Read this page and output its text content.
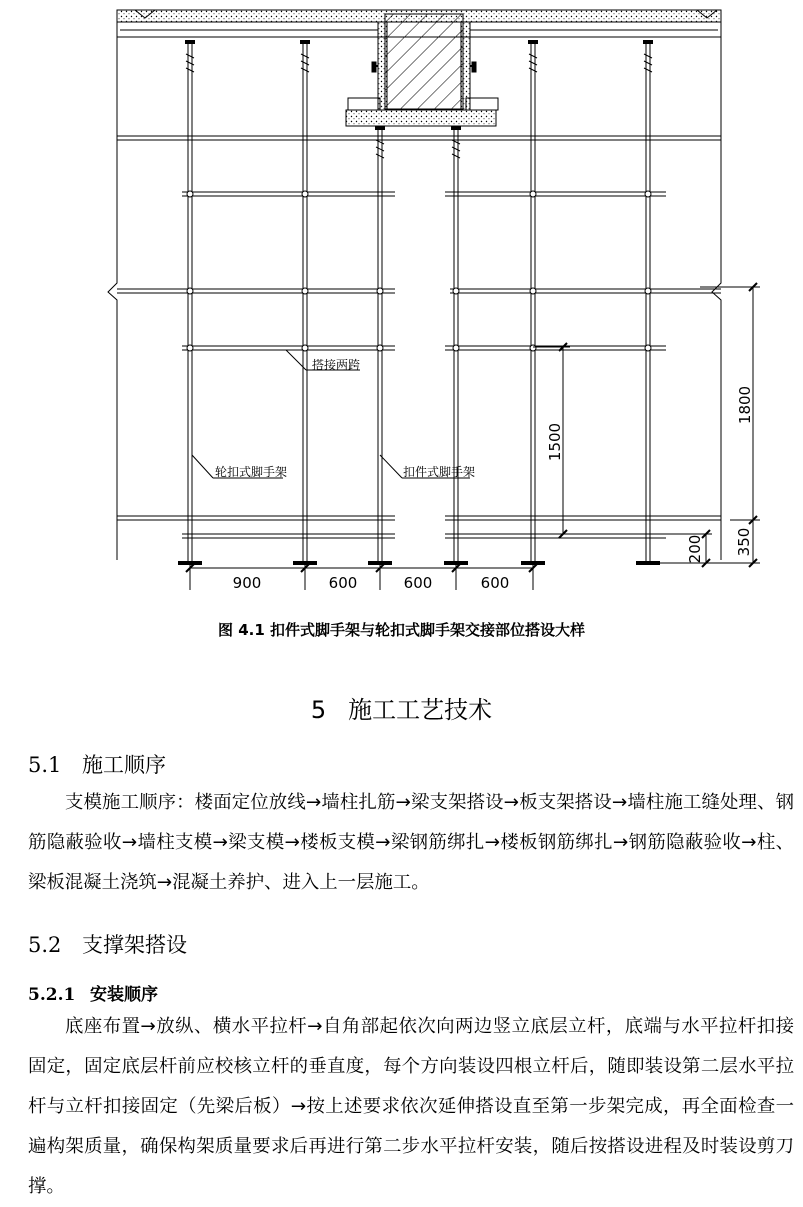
搭接两跨
轮扣式脚手架	扣件式脚手架
900	600	600	600
1500
1800
350
200
图 4.1 扣件式脚手架与轮扣式脚手架交接部位搭设大样
5 施工工艺技术
5.1 施工顺序
支模施工顺序：楼面定位放线→墙柱扎筋→梁支架搭设→板支架搭设→墙柱施工缝处理、钢筋隐蔽验收→墙柱支模→梁支模→楼板支模→梁钢筋绑扎→楼板钢筋绑扎→钢筋隐蔽验收→柱、梁板混凝土浇筑→混凝土养护、进入上一层施工。
5.2 支撑架搭设
5.2.1 安装顺序
底座布置→放纵、横水平拉杆→自角部起依次向两边竖立底层立杆，底端与水平拉杆扣接固定，固定底层杆前应校核立杆的垂直度，每个方向装设四根立杆后，随即装设第二层水平拉杆与立杆扣接固定（先梁后板）→按上述要求依次延伸搭设直至第一步架完成，再全面检查一遍构架质量，确保构架质量要求后再进行第二步水平拉杆安装，随后按搭设进程及时装设剪刀撑。
